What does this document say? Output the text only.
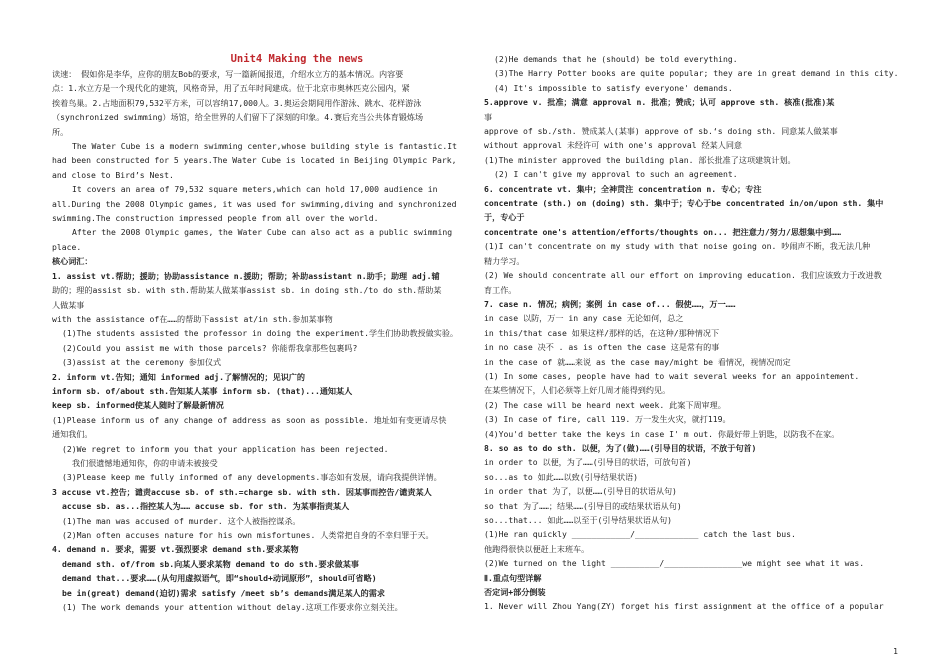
Unit4 Making the news
读速： 假如你是李华，应你的朋友Bob的要求，写一篇新闻报道，介绍水立方的基本情况。内容要
点：1.水立方是一个现代化的建筑，风格奇异，用了五年时间建成。位于北京市奥林匹克公园内，紧
挨着鸟巢。2.占地面积79,532平方米，可以容纳17,000人。3.奥运会期间用作游泳、跳水、花样游泳
（synchronized swimming）场馆，给全世界的人们留下了深刻的印象。4.赛后充当公共体育锻炼场
所。
The Water Cube is a modern swimming center,whose building style is fantastic.It
had been constructed for 5 years.The Water Cube is located in Beijing Olympic Park,
and close to Bird’s Nest.
It covers an area of 79,532 square meters,which can hold 17,000 audience in
all.During the 2008 Olympic games, it was used for swimming,diving and synchronized
swimming.The construction impressed people from all over the world.
After the 2008 Olympic games, the Water Cube can also act as a public swimming
place.
核心词汇：
1. assist vt.帮助；援助；协助assistance n.援助；帮助；补助assistant n.助手；助理 adj.辅
助的；理的assist sb. with sth.帮助某人做某事assist sb. in doing sth./to do sth.帮助某
人做某事
with the assistance of在……的帮助下assist at/in sth.参加某事物
(1)The students assisted the professor in doing the experiment.学生们协助教授做实验。
(2)Could you assist me with those parcels? 你能帮我拿那些包裹吗?
(3)assist at the ceremony 参加仪式
2. inform vt.告知；通知 informed adj.了解情况的；见识广的
inform sb. of/about sth.告知某人某事 inform sb. (that)...通知某人
keep sb. informed使某人随时了解最新情况
(1)Please inform us of any change of address as soon as possible. 地址如有变更请尽快
通知我们。
(2)We regret to inform you that your application has been rejected.
我们很遗憾地通知你，你的申请未被接受
(3)Please keep me fully informed of any developments.事态如有发展，请向我提供详情。
3 accuse vt.控告；谴责accuse sb. of sth.=charge sb. with sth. 因某事而控告/谴责某人
accuse sb. as...指控某人为…… accuse sb. for sth. 为某事指责某人
(1)The man was accused of murder. 这个人被指控谋杀。
(2)Man often accuses nature for his own misfortunes. 人类常把自身的不幸归罪于天。
4. demand n. 要求，需要 vt.强烈要求 demand sth.要求某物
demand sth. of/from sb.向某人要求某物 demand to do sth.要求做某事
demand that...要求……(从句用虚拟语气，即“should+动词原形”，should可省略)
be in(great) demand(迫切)需求 satisfy /meet sb’s demands满足某人的需求
(1) The work demands your attention without delay.这项工作要求你立刻关注。
(2)He demands that he (should) be told everything.
(3)The Harry Potter books are quite popular; they are in great demand in this city.
(4) It's impossible to satisfy everyone' demands.
5.approve v. 批准；满意 approval n. 批准；赞成；认可 approve sth. 核准(批准)某
事
approve of sb./sth. 赞成某人(某事) approve of sb.‘s doing sth. 同意某人做某事
without approval 未经许可 with one's approval 经某人同意
(1)The minister approved the building plan. 部长批准了这项建筑计划。
(2) I can't give my approval to such an agreement.
6. concentrate vt. 集中；全神贯注 concentration n. 专心；专注
concentrate (sth.) on (doing) sth. 集中于；专心于be concentrated in/on/upon sth. 集中
于，专心于
concentrate one's attention/efforts/thoughts on... 把注意力/努力/思想集中到……
(1)I can't concentrate on my study with that noise going on. 吵闹声不断，我无法几种
精力学习。
(2) We should concentrate all our effort on improving education. 我们应该致力于改进教
育工作。
7. case n. 情况；病例；案例 in case of... 假使……，万一……
in case 以防，万一 in any case 无论如何，总之
in this/that case 如果这样/那样的话，在这种/那种情况下
in no case 决不 . as is often the case 这是常有的事
in the case of 就……来说 as the case may/might be 看情况，视情况而定
(1) In some cases, people have had to wait several weeks for an appointement.
在某些情况下，人们必须等上好几周才能得到约见。
(2) The case will be heard next week. 此案下周审理。
(3) In case of fire, call 119. 万一发生火灾，就打119。
(4)You'd better take the keys in case I' m out. 你最好带上钥匙，以防我不在家。
8. so as to do sth. 以便，为了(做)……(引导目的状语，不放于句首)
in order to 以便，为了……(引导目的状语，可放句首)
so...as to 如此……以致(引导结果状语)
in order that 为了，以便……(引导目的状语从句)
so that 为了……；结果……(引导目的或结果状语从句)
so...that... 如此……以至于(引导结果状语从句)
(1)He ran quickly ____________/_____________ catch the last bus.
他跑得很快以便赶上末班车。
(2)We turned on the light __________/________________we might see what it was.
Ⅱ.重点句型详解
否定词+部分倒装
1. Never will Zhou Yang(ZY) forget his first assignment at the office of a popular
1
